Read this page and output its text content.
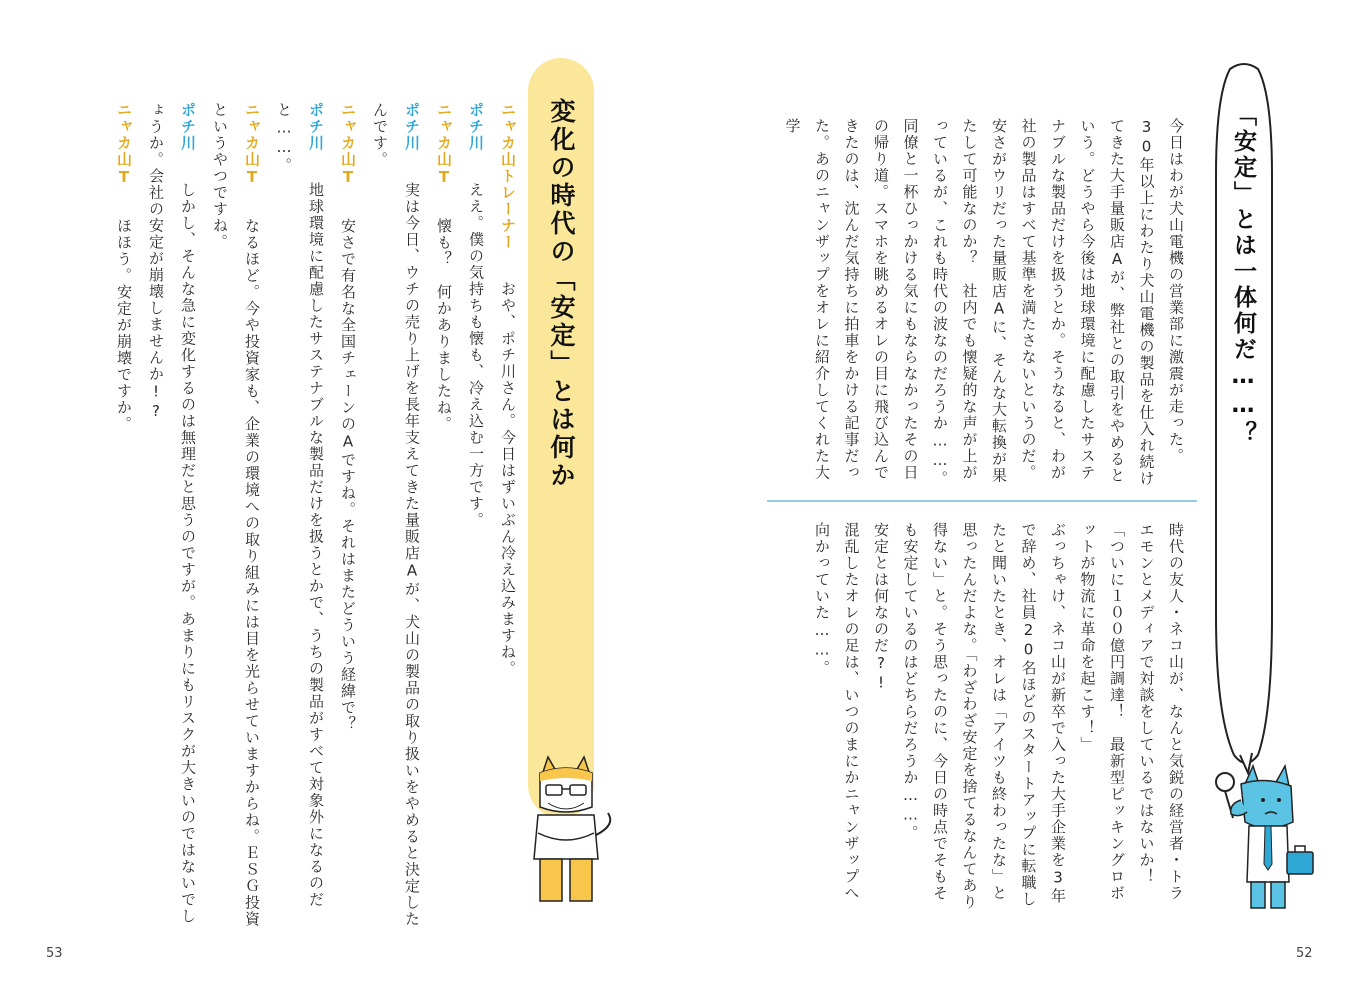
「安定」とは一体何だ……？

今日はわが犬山電機の営業部に激震が走った。

30年以上にわたり犬山電機の製品を仕入れ続けてきた大手量販店Aが、弊社との取引をやめるという。どうやら今後は地球環境に配慮したサステナブルな製品だけを扱うとか。そうなると、わが社の製品はすべて基準を満たさないというのだ。

安さがウリだった量販店Aに、そんな大転換が果たして可能なのか？　社内でも懐疑的な声が上がっているが、これも時代の波なのだろうか……。

同僚と一杯ひっかける気にもならなかったその日の帰り道。スマホを眺めるオレの目に飛び込んできたのは、沈んだ気持ちに拍車をかける記事だった。あのニャンザップをオレに紹介してくれた大学

時代の友人・ネコ山が、なんと気鋭の経営者・トラエモンとメディアで対談をしているではないか！

「ついに１００億円調達！　最新型ピッキングロボットが物流に革命を起こす！」

ぶっちゃけ、ネコ山が新卒で入った大手企業を3年で辞め、社員20名ほどのスタートアップに転職したと聞いたとき、オレは「アイツも終わったな」と思ったんだよな。「わざわざ安定を捨てるなんてあり得ない」と。そう思ったのに、今日の時点でそもそも安定しているのはどちらだろうか……。

安定とは何なのだ?!

混乱したオレの足は、いつのまにかニャンザップへ向かっていた……。

52
変化の時代の「安定」とは何か

ニャカ山トレーナー　おや、ポチ川さん。今日はずいぶん冷え込みますね。

ポチ川　ええ。僕の気持ちも懐も、冷え込む一方です。

ニャカ山T　懐も？　何かありましたね。

ポチ川　実は今日、ウチの売り上げを長年支えてきた量販店Aが、犬山の製品の取り扱いをやめると決定したんです。

ニャカ山T　安さで有名な全国チェーンのAですね。それはまたどういう経緯で？

ポチ川　地球環境に配慮したサステナブルな製品だけを扱うとかで、うちの製品がすべて対象外になるのだと……。

ニャカ山T　なるほど。今や投資家も、企業の環境への取り組みには目を光らせていますからね。ＥＳＧ投資というやつですね。

ポチ川　しかし、そんな急に変化するのは無理だと思うのですが。あまりにもリスクが大きいのではないでしょうか。会社の安定が崩壊しませんか!?

ニャカ山T　ほほう。安定が崩壊ですか。

53
